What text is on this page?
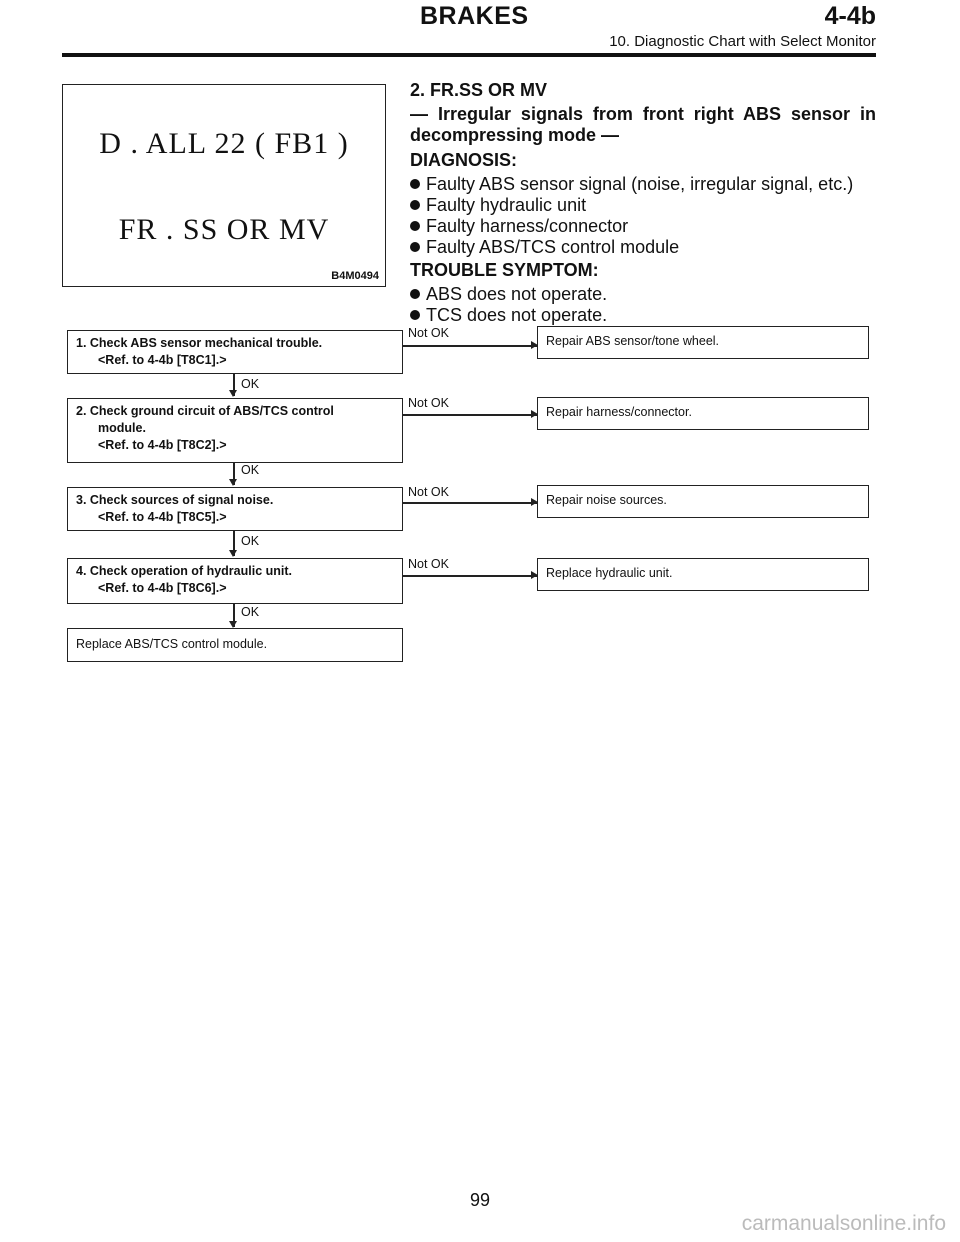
BRAKES	4-4b
10. Diagnostic Chart with Select Monitor
D . ALL 22 ( FB1 )
FR . SS OR MV
B4M0494
2. FR.SS OR MV
— Irregular signals from front right ABS sensor in decompressing mode —
DIAGNOSIS:
Faulty ABS sensor signal (noise, irregular signal, etc.)
Faulty hydraulic unit
Faulty harness/connector
Faulty ABS/TCS control module
TROUBLE SYMPTOM:
ABS does not operate.
TCS does not operate.
1. Check ABS sensor mechanical trouble.
<Ref. to 4-4b [T8C1].>
Not OK
Repair ABS sensor/tone wheel.
OK
2. Check ground circuit of ABS/TCS control
module.
<Ref. to 4-4b [T8C2].>
Not OK
Repair harness/connector.
OK
3. Check sources of signal noise.
<Ref. to 4-4b [T8C5].>
Not OK
Repair noise sources.
OK
4. Check operation of hydraulic unit.
<Ref. to 4-4b [T8C6].>
Not OK
Replace hydraulic unit.
OK
Replace ABS/TCS control module.
99
carmanualsonline.info
